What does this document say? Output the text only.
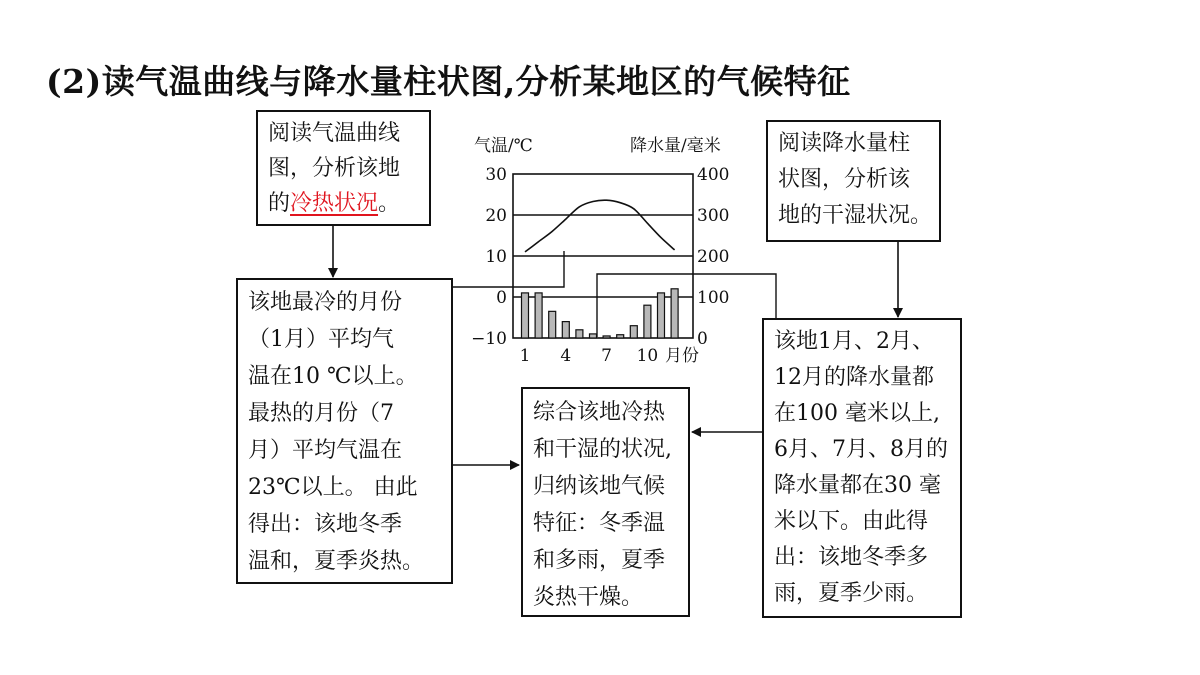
(2)读气温曲线与降水量柱状图,分析某地区的气候特征
阅读气温曲线
图，分析该地
的冷热状况。
阅读降水量柱
状图，分析该
地的干湿状况。
该地最冷的月份
（1月）平均气
温在10 ℃以上。
最热的月份（7
月）平均气温在
23℃以上。 由此
得出：该地冬季
温和，夏季炎热。
综合该地冷热
和干湿的状况,
归纳该地气候
特征：冬季温
和多雨，夏季
炎热干燥。
该地1月、2月、
12月的降水量都
在100 毫米以上,
6月、7月、8月的
降水量都在30 毫
米以下。由此得
出：该地冬季多
雨，夏季少雨。
气温/℃	降水量/毫米
月份
30
20
10
0
−10
400
300
200
100
0
1 4 7 10
